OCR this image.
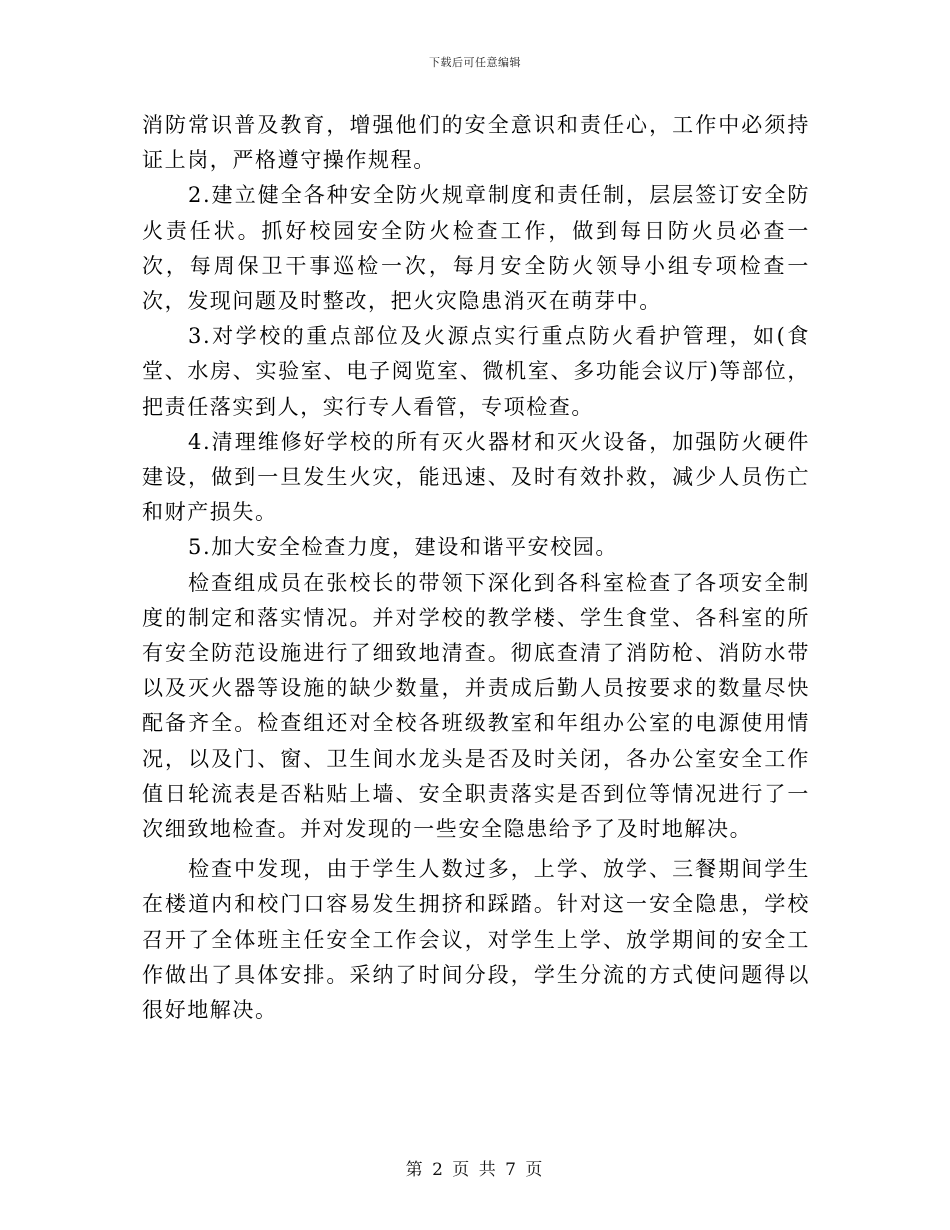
下载后可任意编辑

消防常识普及教育，增强他们的安全意识和责任心，工作中必须持证上岗，严格遵守操作规程。

2.建立健全各种安全防火规章制度和责任制，层层签订安全防火责任状。抓好校园安全防火检查工作，做到每日防火员必查一次，每周保卫干事巡检一次，每月安全防火领导小组专项检查一次，发现问题及时整改，把火灾隐患消灭在萌芽中。

3.对学校的重点部位及火源点实行重点防火看护管理，如(食堂、水房、实验室、电子阅览室、微机室、多功能会议厅)等部位，把责任落实到人，实行专人看管，专项检查。

4.清理维修好学校的所有灭火器材和灭火设备，加强防火硬件建设，做到一旦发生火灾，能迅速、及时有效扑救，减少人员伤亡和财产损失。

5.加大安全检查力度，建设和谐平安校园。

检查组成员在张校长的带领下深化到各科室检查了各项安全制度的制定和落实情况。并对学校的教学楼、学生食堂、各科室的所有安全防范设施进行了细致地清查。彻底查清了消防枪、消防水带以及灭火器等设施的缺少数量，并责成后勤人员按要求的数量尽快配备齐全。检查组还对全校各班级教室和年组办公室的电源使用情况，以及门、窗、卫生间水龙头是否及时关闭，各办公室安全工作值日轮流表是否粘贴上墙、安全职责落实是否到位等情况进行了一次细致地检查。并对发现的一些安全隐患给予了及时地解决。

检查中发现，由于学生人数过多，上学、放学、三餐期间学生在楼道内和校门口容易发生拥挤和踩踏。针对这一安全隐患，学校召开了全体班主任安全工作会议，对学生上学、放学期间的安全工作做出了具体安排。采纳了时间分段，学生分流的方式使问题得以很好地解决。

第 2 页 共 7 页
